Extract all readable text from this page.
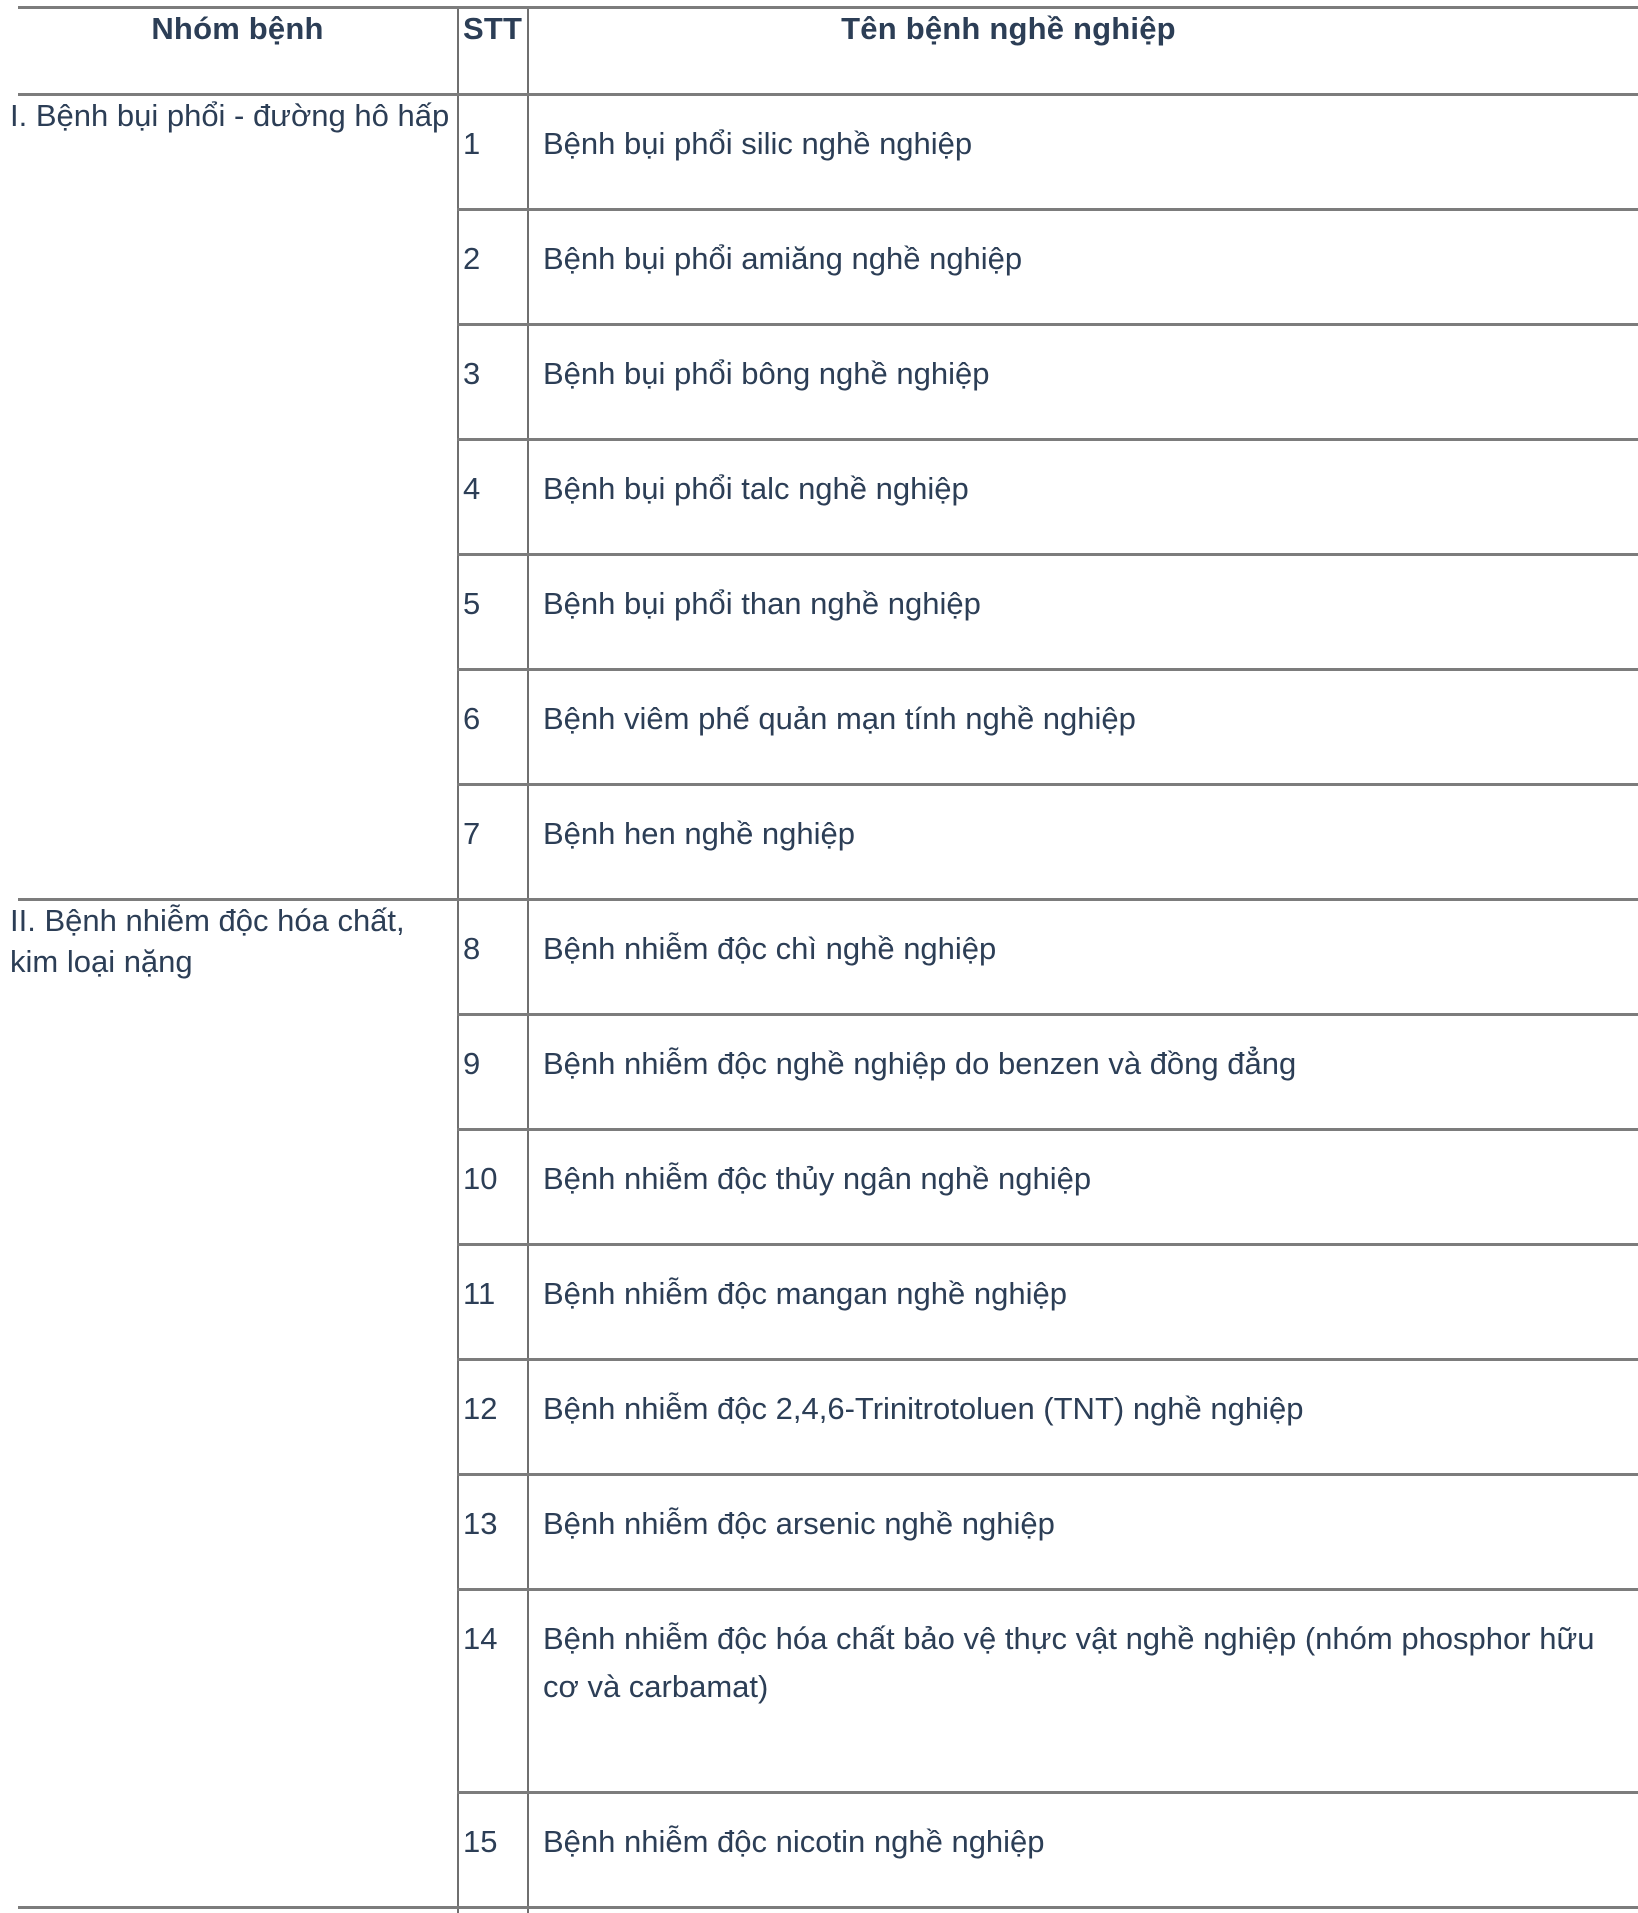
Nhóm bệnh	STT	Tên bệnh nghề nghiệp

I. Bệnh bụi phổi - đường hô hấp	1	Bệnh bụi phổi silic nghề nghiệp
	2	Bệnh bụi phổi amiăng nghề nghiệp
	3	Bệnh bụi phổi bông nghề nghiệp
	4	Bệnh bụi phổi talc nghề nghiệp
	5	Bệnh bụi phổi than nghề nghiệp
	6	Bệnh viêm phế quản mạn tính nghề nghiệp
	7	Bệnh hen nghề nghiệp

II. Bệnh nhiễm độc hóa chất, kim loại nặng	8	Bệnh nhiễm độc chì nghề nghiệp
	9	Bệnh nhiễm độc nghề nghiệp do benzen và đồng đẳng
	10	Bệnh nhiễm độc thủy ngân nghề nghiệp
	11	Bệnh nhiễm độc mangan nghề nghiệp
	12	Bệnh nhiễm độc 2,4,6-Trinitrotoluen (TNT) nghề nghiệp
	13	Bệnh nhiễm độc arsenic nghề nghiệp
	14	Bệnh nhiễm độc hóa chất bảo vệ thực vật nghề nghiệp (nhóm phosphor hữu cơ và carbamat)
	15	Bệnh nhiễm độc nicotin nghề nghiệp
